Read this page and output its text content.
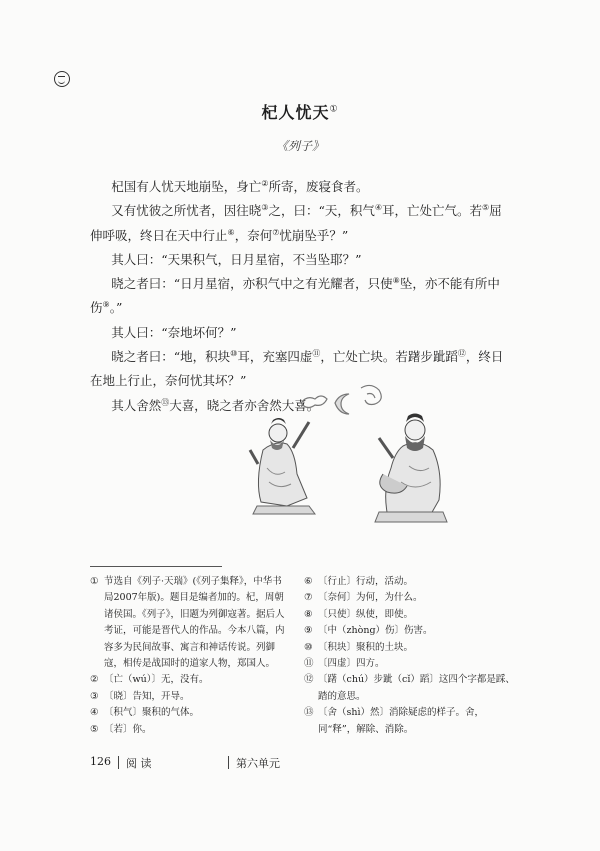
杞人忧天①
《列子》

杞国有人忧天地崩坠，身亡②所寄，废寝食者。

又有忧彼之所忧者，因往晓③之，曰：“天，积气④耳，亡处亡气。若⑤屈伸呼吸，终日在天中行止⑥，奈何⑦忧崩坠乎？”

其人曰：“天果积气，日月星宿，不当坠耶？”

晓之者曰：“日月星宿，亦积气中之有光耀者，只使⑧坠，亦不能有所中伤⑨。”

其人曰：“奈地坏何？”

晓之者曰：“地，积块⑩耳，充塞四虚⑪，亡处亡块。若躇步跐蹈⑫，终日在地上行止，奈何忧其坏？”

其人舍然⑬大喜，晓之者亦舍然大喜。

① 节选自《列子·天瑞》(《列子集释》，中华书局2007年版)。题目是编者加的。杞，周朝诸侯国。《列子》，旧题为列御寇著。据后人考证，可能是晋代人的作品。今本八篇，内容多为民间故事、寓言和神话传说。列御寇，相传是战国时的道家人物，郑国人。
② 〔亡（wú）〕无，没有。
③ 〔晓〕告知，开导。
④ 〔积气〕聚积的气体。
⑤ 〔若〕你。
⑥ 〔行止〕行动，活动。
⑦ 〔奈何〕为何，为什么。
⑧ 〔只使〕纵使，即使。
⑨ 〔中（zhòng）伤〕伤害。
⑩ 〔积块〕聚积的土块。
⑪ 〔四虚〕四方。
⑫ 〔躇（chú）步跐（cǐ）蹈〕这四个字都是踩、踏的意思。
⑬ 〔舍（shì）然〕消除疑虑的样子。舍，同“释”，解除、消除。
126 阅 读	第六单元
